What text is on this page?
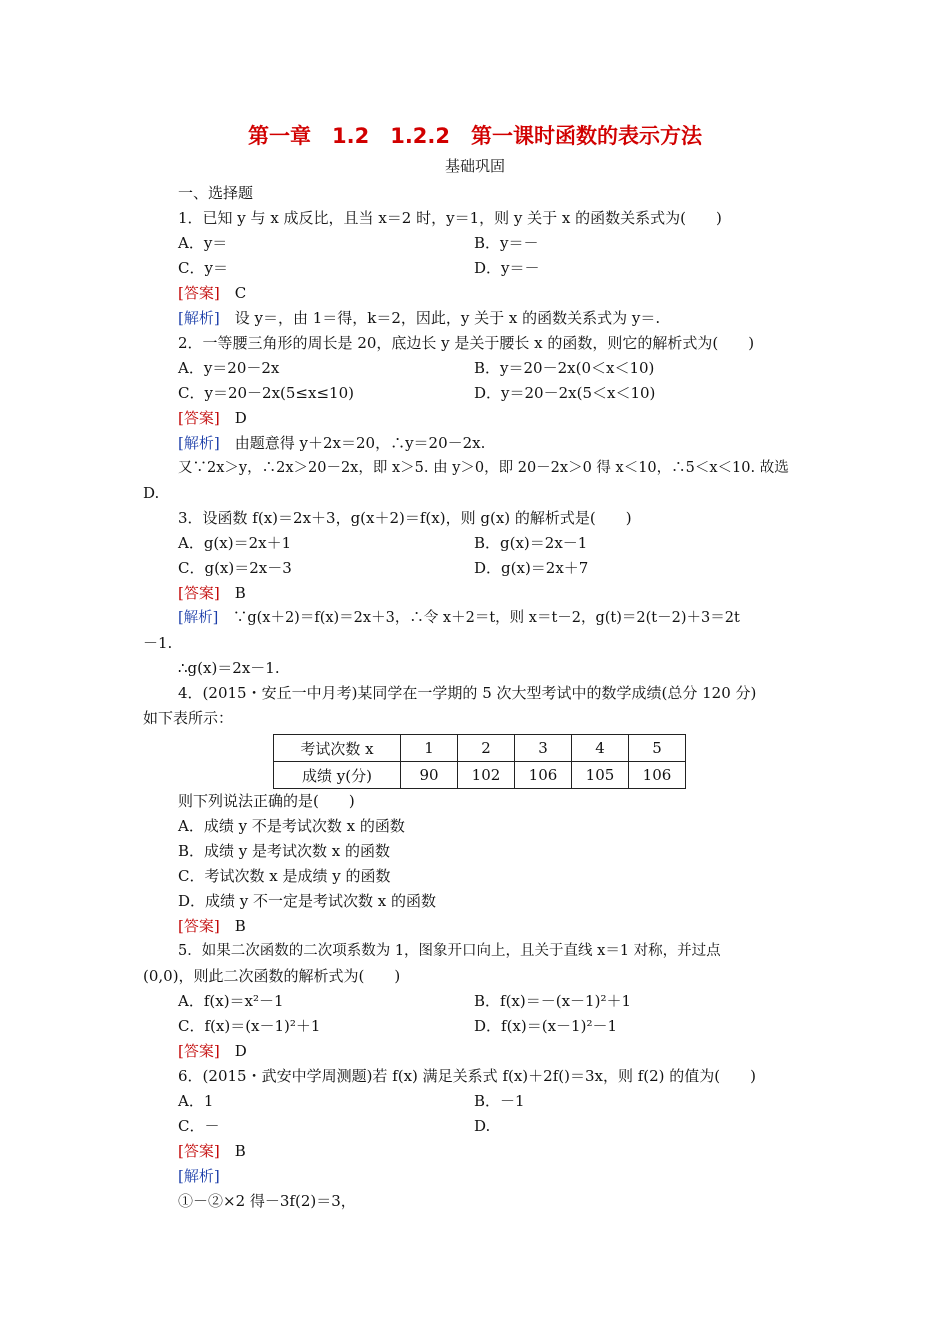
第一章　1.2　1.2.2　第一课时函数的表示方法
基础巩固
一、选择题
1．已知 y 与 x 成反比，且当 x＝2 时，y＝1，则 y 关于 x 的函数关系式为(　　)
A．y＝	B．y＝－
C．y＝	D．y＝－
[答案]　 C
[解析]　 设 y＝，由 1＝得，k＝2，因此，y 关于 x 的函数关系式为 y＝.
2．一等腰三角形的周长是 20，底边长 y 是关于腰长 x 的函数，则它的解析式为(　　)
A．y＝20－2x	B．y＝20－2x(0＜x＜10)
C．y＝20－2x(5≤x≤10)	D．y＝20－2x(5＜x＜10)
[答案]　 D
[解析]　 由题意得 y＋2x＝20，∴y＝20－2x.
又∵2x＞y，∴2x＞20－2x，即 x＞5. 由 y＞0，即 20－2x＞0 得 x＜10，∴5＜x＜10. 故选
D.
3．设函数 f(x)＝2x＋3，g(x＋2)＝f(x)，则 g(x) 的解析式是(　　)
A．g(x)＝2x＋1	B．g(x)＝2x－1
C．g(x)＝2x－3	D．g(x)＝2x＋7
[答案]　 B
[解析]　 ∵g(x＋2)＝f(x)＝2x＋3，∴令 x＋2＝t，则 x＝t－2，g(t)＝2(t－2)＋3＝2t
－1.
∴g(x)＝2x－1.
4．(2015・安丘一中月考)某同学在一学期的 5 次大型考试中的数学成绩(总分 120 分)
如下表所示：
考试次数 x	1	2	3	4	5
成绩 y(分)	90	102	106	105	106
则下列说法正确的是(　　)
A．成绩 y 不是考试次数 x 的函数
B．成绩 y 是考试次数 x 的函数
C．考试次数 x 是成绩 y 的函数
D．成绩 y 不一定是考试次数 x 的函数
[答案]　 B
5．如果二次函数的二次项系数为 1，图象开口向上，且关于直线 x＝1 对称，并过点
(0,0)，则此二次函数的解析式为(　　)
A．f(x)＝x²－1	B．f(x)＝－(x－1)²＋1
C．f(x)＝(x－1)²＋1	D．f(x)＝(x－1)²－1
[答案]　 D
6．(2015・武安中学周测题)若 f(x) 满足关系式 f(x)＋2f()＝3x，则 f(2) 的值为(　　)
A．1	B．－1
C．－	D.
[答案]　 B
[解析]
①－②×2 得－3f(2)＝3，
